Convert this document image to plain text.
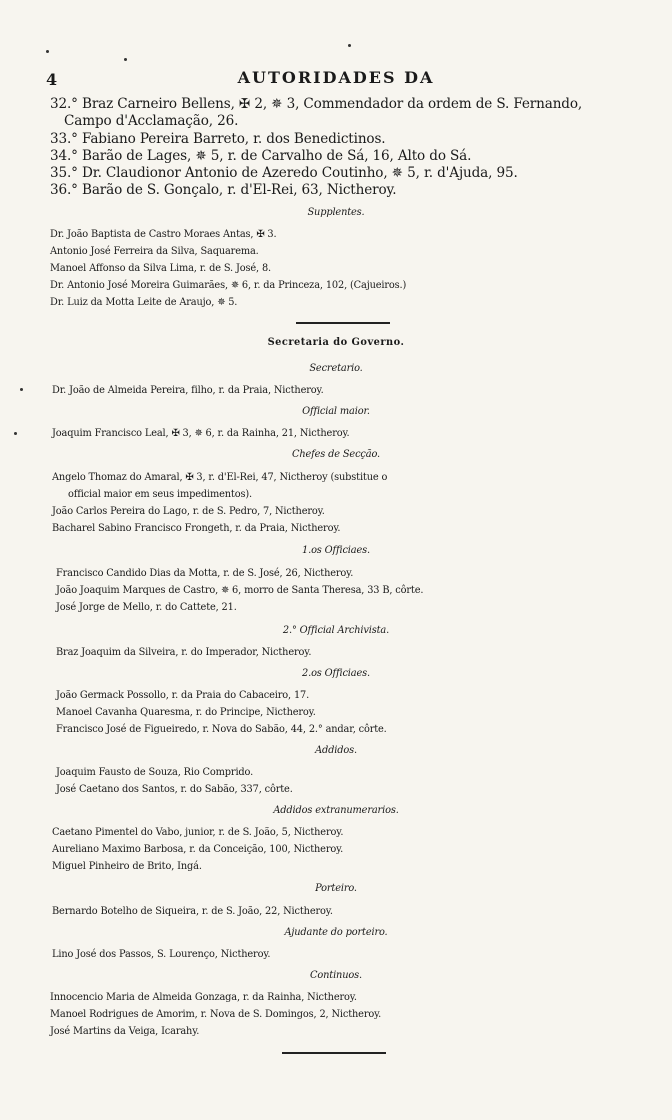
4	AUTORIDADES DA
32.° Braz Carneiro Bellens, ✠ 2, ✵ 3, Commendador da ordem de S. Fernando,
Campo d'Acclamação, 26.
33.° Fabiano Pereira Barreto, r. dos Benedictinos.
34.° Barão de Lages, ✵ 5, r. de Carvalho de Sá, 16, Alto do Sá.
35.° Dr. Claudionor Antonio de Azeredo Coutinho, ✵ 5, r. d'Ajuda, 95.
36.° Barão de S. Gonçalo, r. d'El-Rei, 63, Nictheroy.
Supplentes.
Dr. João Baptista de Castro Moraes Antas, ✠ 3.
Antonio José Ferreira da Silva, Saquarema.
Manoel Affonso da Silva Lima, r. de S. José, 8.
Dr. Antonio José Moreira Guimarães, ✵ 6, r. da Princeza, 102, (Cajueiros.)
Dr. Luiz da Motta Leite de Araujo, ✵ 5.
Secretaria do Governo.
Secretario.
Dr. João de Almeida Pereira, filho, r. da Praia, Nictheroy.
Official maior.
Joaquim Francisco Leal, ✠ 3, ✵ 6, r. da Rainha, 21, Nictheroy.
Chefes de Secção.
Angelo Thomaz do Amaral, ✠ 3, r. d'El-Rei, 47, Nictheroy (substitue o
official maior em seus impedimentos).
João Carlos Pereira do Lago, r. de S. Pedro, 7, Nictheroy.
Bacharel Sabino Francisco Frongeth, r. da Praia, Nictheroy.
1.os Officiaes.
Francisco Candido Dias da Motta, r. de S. José, 26, Nictheroy.
João Joaquim Marques de Castro, ✵ 6, morro de Santa Theresa, 33 B, côrte.
José Jorge de Mello, r. do Cattete, 21.
2.° Official Archivista.
Braz Joaquim da Silveira, r. do Imperador, Nictheroy.
2.os Officiaes.
João Germack Possollo, r. da Praia do Cabaceiro, 17.
Manoel Cavanha Quaresma, r. do Principe, Nictheroy.
Francisco José de Figueiredo, r. Nova do Sabão, 44, 2.° andar, côrte.
Addidos.
Joaquim Fausto de Souza, Rio Comprido.
José Caetano dos Santos, r. do Sabão, 337, côrte.
Addidos extranumerarios.
Caetano Pimentel do Vabo, junior, r. de S. João, 5, Nictheroy.
Aureliano Maximo Barbosa, r. da Conceição, 100, Nictheroy.
Miguel Pinheiro de Brito, Ingá.
Porteiro.
Bernardo Botelho de Siqueira, r. de S. João, 22, Nictheroy.
Ajudante do porteiro.
Lino José dos Passos, S. Lourenço, Nictheroy.
Continuos.
Innocencio Maria de Almeida Gonzaga, r. da Rainha, Nictheroy.
Manoel Rodrigues de Amorim, r. Nova de S. Domingos, 2, Nictheroy.
José Martins da Veiga, Icarahy.
